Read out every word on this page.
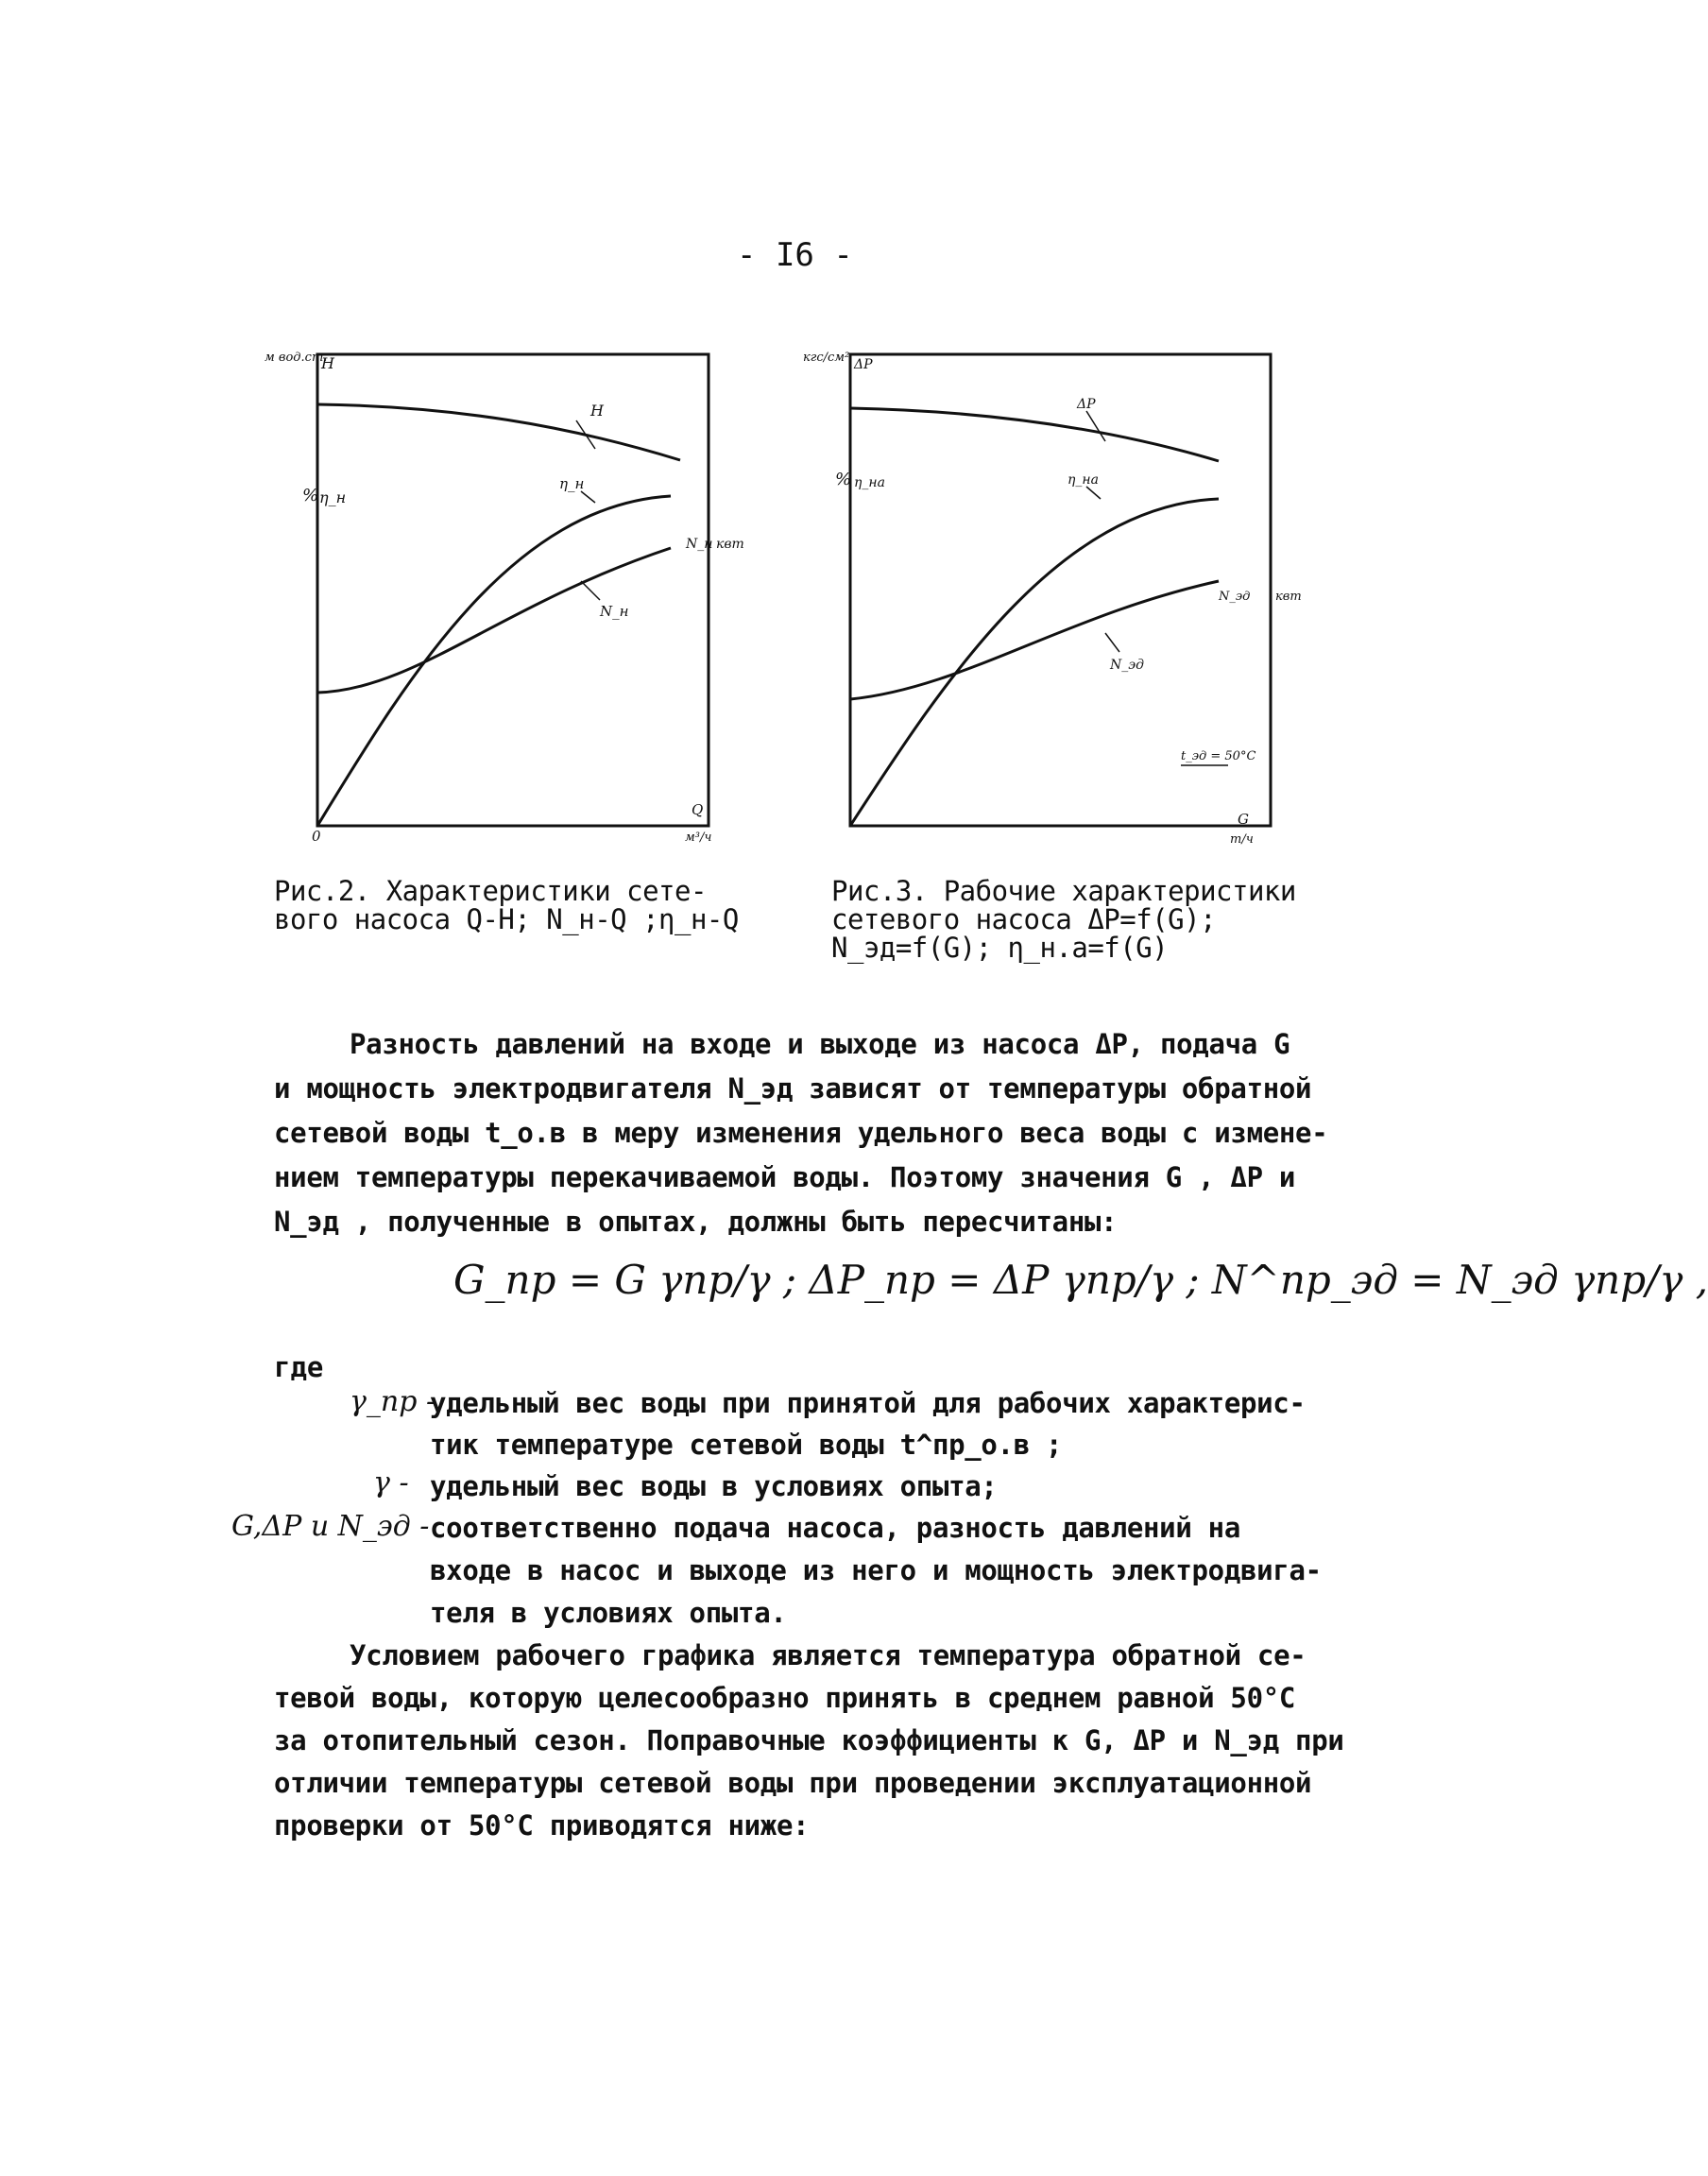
- I6 -
м вод.ст.
H
% η_н
N_н квт
Q
м³/ч
H
η_н
N_н
0
кгс/см² ΔP
% η_на
N_эд квт
G
т/ч
ΔP
η_на
N_эд
t_эд = 50°C
Рис.2. Характеристики сете-
вого насоса Q-Н; N_н-Q ;η_н-Q
Рис.3. Рабочие характеристики
сетевого насоса ΔP=f(G);
N_эд=f(G); η_н.а=f(G)
Разность давлений на входе и выходе из насоса ΔP, подача G
и мощность электродвигателя N_эд зависят от температуры обратной
сетевой воды t_о.в в меру изменения удельного веса воды с измене-
нием температуры перекачиваемой воды. Поэтому значения G , ΔP и
N_эд , полученные в опытах, должны быть пересчитаны:
G_пр = G γпр/γ ; ΔP_пр = ΔP γпр/γ ; N^пр_эд = N_эд γпр/γ ,
где
γ_пр -
удельный вес воды при принятой для рабочих характерис-
тик температуре сетевой воды t^пр_о.в ;
γ - удельный вес воды в условиях опыта;
G,ΔP и N_эд - соответственно подача насоса, разность давлений на
входе в насос и выходе из него и мощность электродвига-
теля в условиях опыта.
Условием рабочего графика является температура обратной се-
тевой воды, которую целесообразно принять в среднем равной 50°C
за отопительный сезон. Поправочные коэффициенты к G, ΔP и N_эд при
отличии температуры сетевой воды при проведении эксплуатационной
проверки от 50°C приводятся ниже:
